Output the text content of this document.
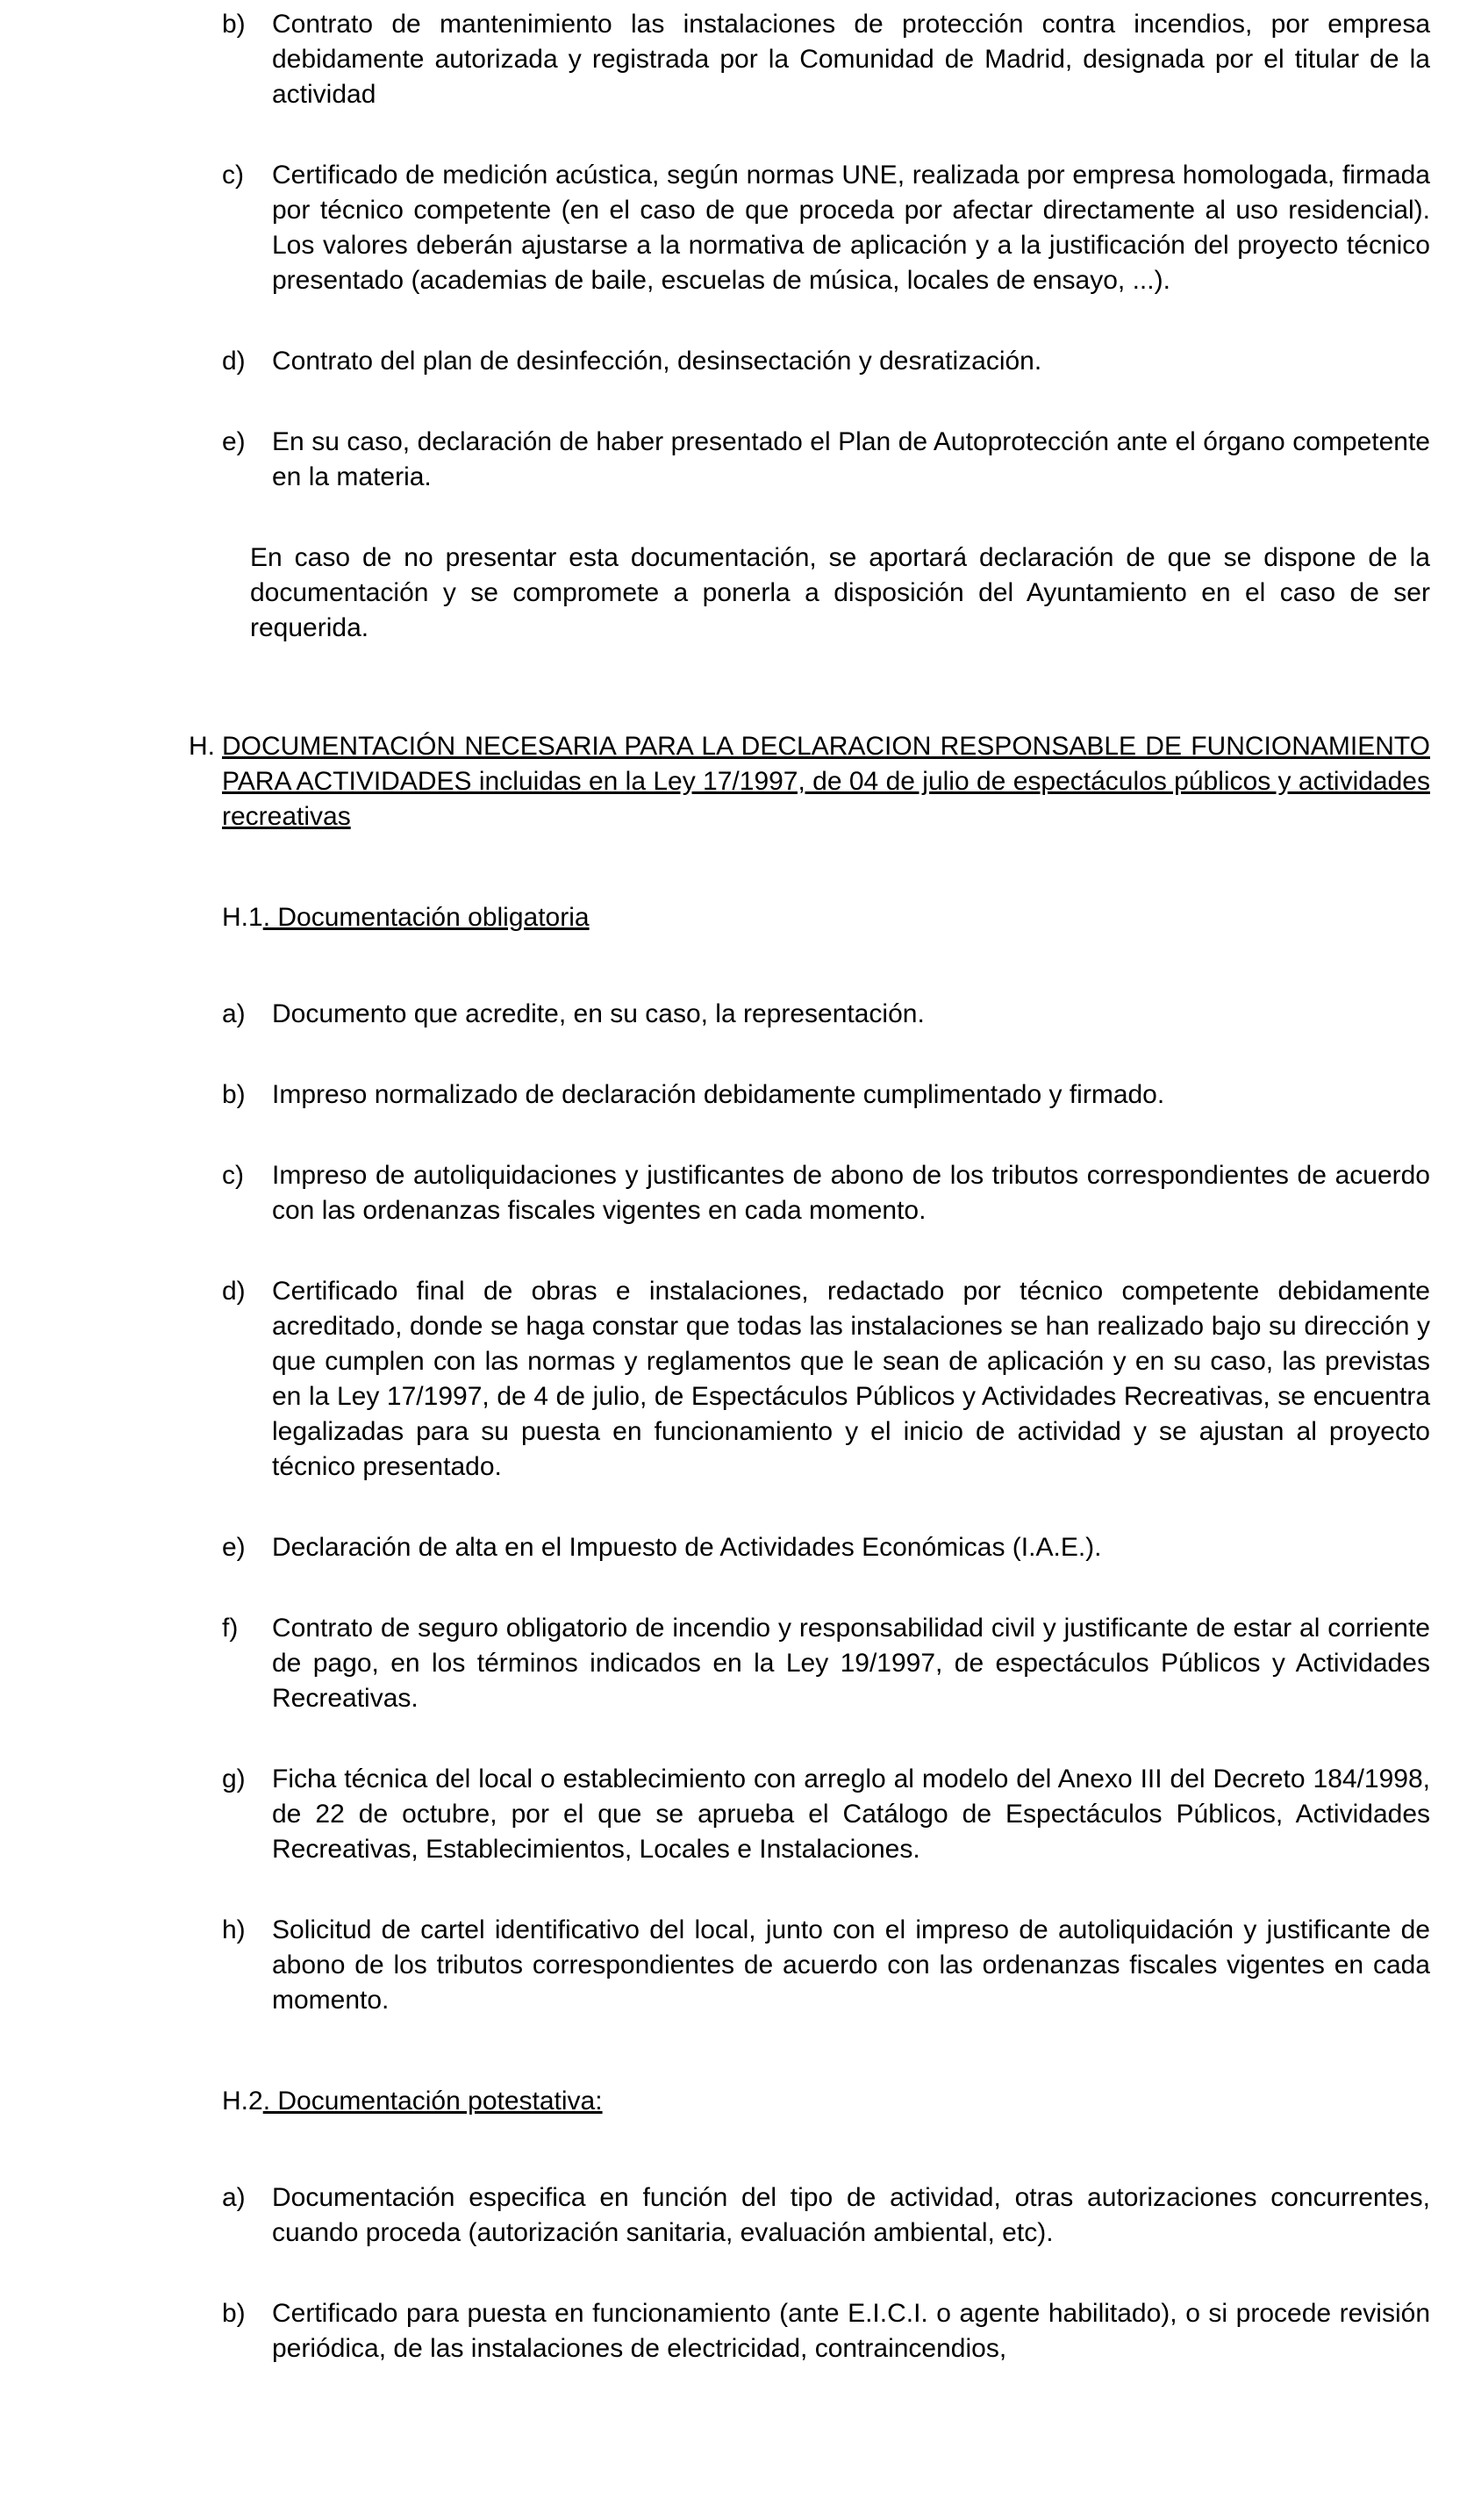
b)	Contrato de mantenimiento las instalaciones de protección contra incendios, por empresa debidamente autorizada y registrada por la Comunidad de Madrid, designada por el titular de la actividad
c)	Certificado de medición acústica, según normas UNE, realizada por empresa homologada, firmada por técnico competente (en el caso de que proceda por afectar directamente al uso residencial). Los valores deberán ajustarse a la normativa de aplicación y a la justificación del proyecto técnico presentado (academias de baile, escuelas de música, locales de ensayo, ...).
d)	Contrato del plan de desinfección, desinsectación y desratización.
e)	En su caso, declaración de haber presentado el Plan de Autoprotección ante el órgano competente en la materia.
En caso de no presentar esta documentación, se aportará declaración de que se dispone de la documentación y se compromete a ponerla a disposición del Ayuntamiento en el caso de ser requerida.
H. DOCUMENTACIÓN NECESARIA PARA LA DECLARACION RESPONSABLE DE FUNCIONAMIENTO PARA ACTIVIDADES incluidas en la Ley 17/1997, de 04 de julio de espectáculos públicos y actividades recreativas
H.1. Documentación obligatoria
a)	Documento que acredite, en su caso, la representación.
b)	Impreso normalizado de declaración debidamente cumplimentado y firmado.
c)	Impreso de autoliquidaciones y justificantes de abono de los tributos correspondientes de acuerdo con las ordenanzas fiscales vigentes en cada momento.
d)	Certificado final de obras e instalaciones, redactado por técnico competente debidamente acreditado, donde se haga constar que todas las instalaciones se han realizado bajo su dirección y que cumplen con las normas y reglamentos que le sean de aplicación y en su caso, las previstas en la Ley 17/1997, de 4 de julio, de Espectáculos Públicos y Actividades Recreativas, se encuentra legalizadas para su puesta en funcionamiento y el inicio de actividad y se ajustan al proyecto técnico presentado.
e)	Declaración de alta en el Impuesto de Actividades Económicas (I.A.E.).
f)	Contrato de seguro obligatorio de incendio y responsabilidad civil y justificante de estar al corriente de pago, en los términos indicados en la Ley 19/1997, de espectáculos Públicos y Actividades Recreativas.
g)	Ficha técnica del local o establecimiento con arreglo al modelo del Anexo III del Decreto 184/1998, de 22 de octubre, por el que se aprueba el Catálogo de Espectáculos Públicos, Actividades Recreativas, Establecimientos, Locales e Instalaciones.
h)	Solicitud de cartel identificativo del local, junto con el impreso de autoliquidación y justificante de abono de los tributos correspondientes de acuerdo con las ordenanzas fiscales vigentes en cada momento.
H.2. Documentación potestativa:
a)	Documentación especifica en función del tipo de actividad, otras autorizaciones concurrentes, cuando proceda (autorización sanitaria, evaluación ambiental, etc).
b)	Certificado para puesta en funcionamiento (ante E.I.C.I. o agente habilitado), o si procede revisión periódica, de las instalaciones de electricidad, contraincendios,
